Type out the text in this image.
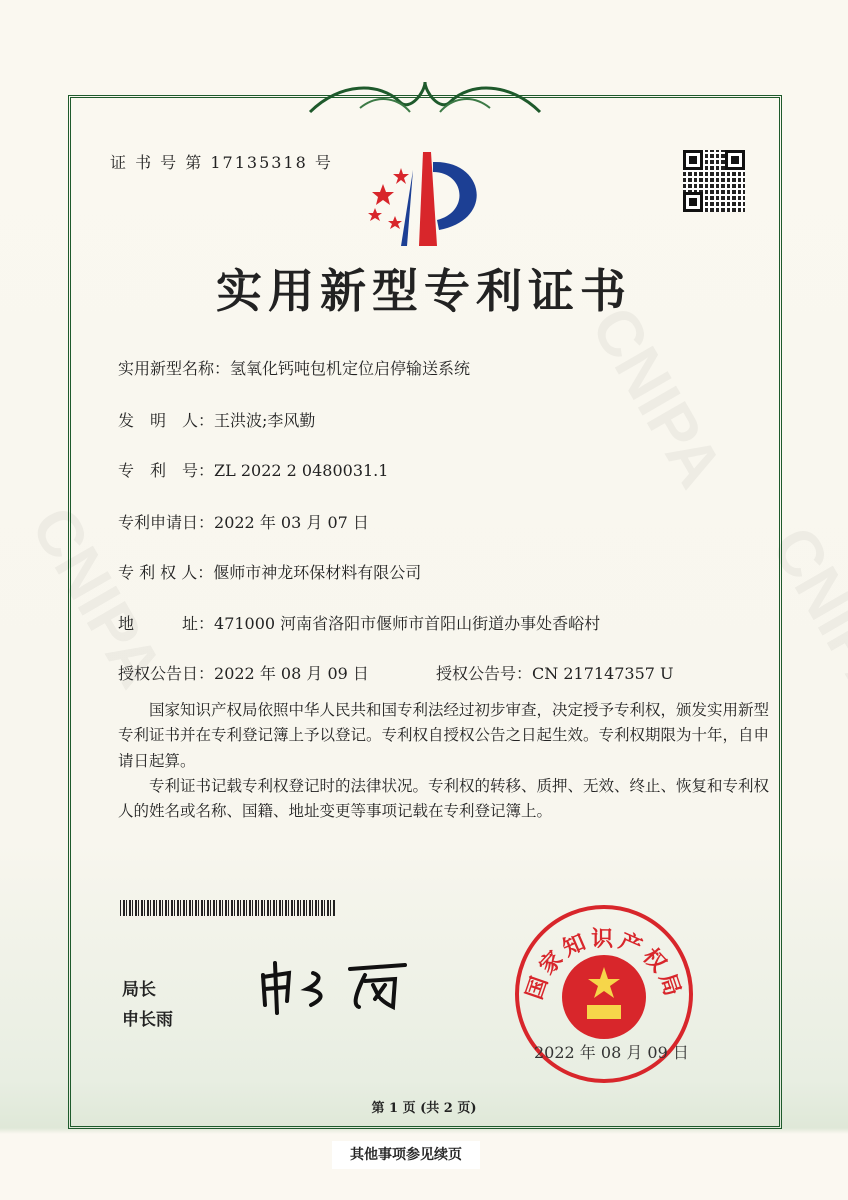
证 书 号 第 17135318 号
实用新型专利证书
实用新型名称：氢氧化钙吨包机定位启停输送系统
发　明　人：王洪波;李风勤
专　利　号：ZL 2022 2 0480031.1
专利申请日：2022 年 03 月 07 日
专 利 权 人：偃师市神龙环保材料有限公司
地　　　址：471000 河南省洛阳市偃师市首阳山街道办事处香峪村
授权公告日：2022 年 08 月 09 日	授权公告号：CN 217147357 U

国家知识产权局依照中华人民共和国专利法经过初步审查，决定授予专利权，颁发实用新型专利证书并在专利登记簿上予以登记。专利权自授权公告之日起生效。专利权期限为十年，自申请日起算。

专利证书记载专利权登记时的法律状况。专利权的转移、质押、无效、终止、恢复和专利权人的姓名或名称、国籍、地址变更等事项记载在专利登记簿上。

局长
申长雨
国家知识产权局
2022 年 08 月 09 日
第 1 页 (共 2 页)
其他事项参见续页
